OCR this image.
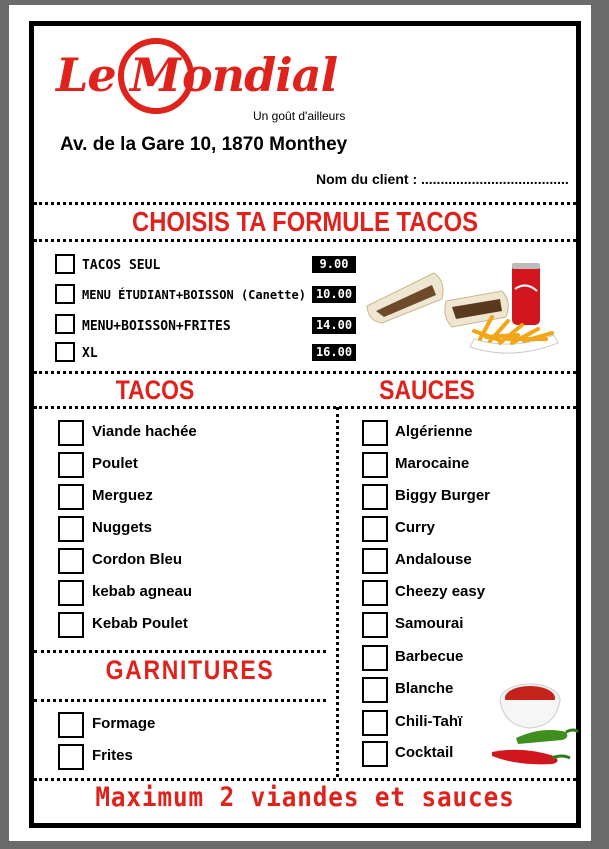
Le M ondial
Un goût d'ailleurs
Av. de la Gare 10, 1870 Monthey
Nom du client : ......................................
CHOISIS TA FORMULE TACOS
TACOS SEUL	9.00
MENU ÉTUDIANT+BOISSON (Canette) 10.00
MENU+BOISSON+FRITES	14.00
XL	16.00
TACOS	SAUCES
Viande hachée
Poulet
Merguez
Nuggets
Cordon Bleu
kebab agneau
Kebab Poulet
GARNITURES
Formage
Frites
Algérienne
Marocaine
Biggy Burger
Curry
Andalouse
Cheezy easy
Samourai
Barbecue
Blanche
Chili-Tahï
Cocktail
Maximum 2 viandes et sauces
